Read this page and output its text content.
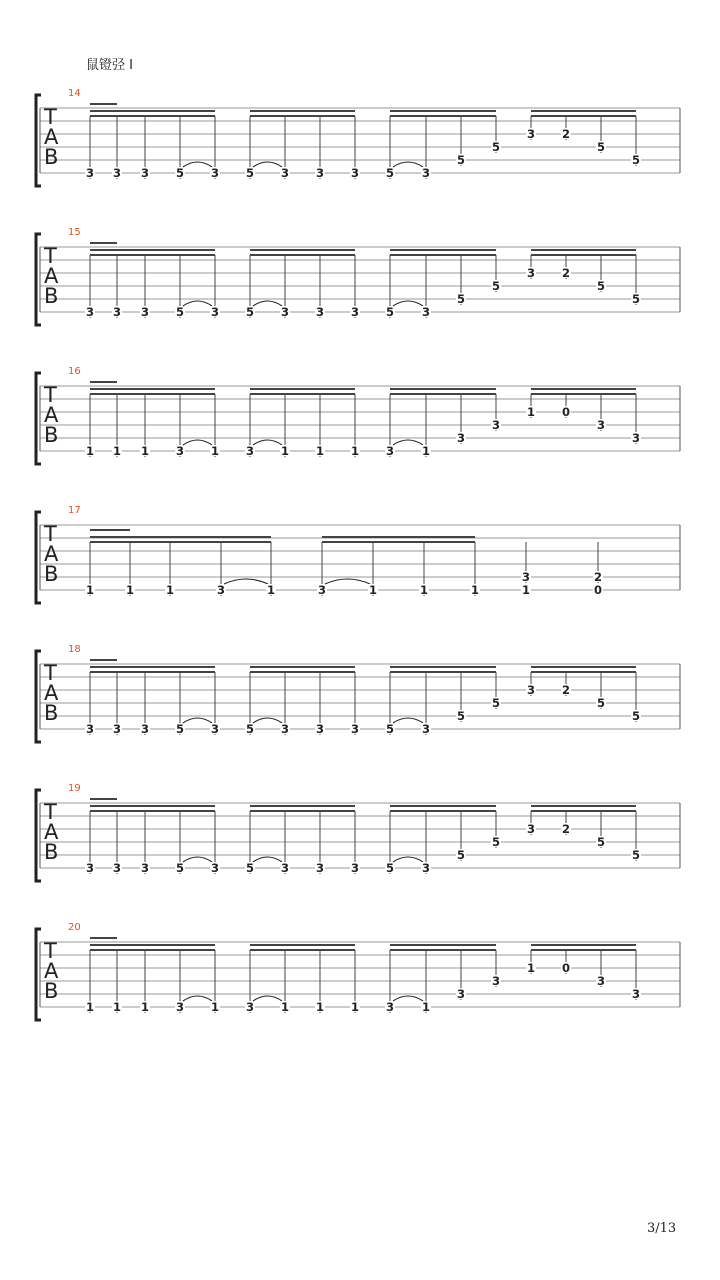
鼠镫弪 I
14
T
A
B
3 3 3 5 3 5 3 3 3 5 3
5
5
3 2
5
5
15
T
A
B
3 3 3 5 3 5 3 3 3 5 3
5
5
3 2
5
5
16
T
A
B
1 1 1 3 1 3 1 1 1 3 1
3
3
1 0
3
3
17
T
A
B
1	1	1	3	1	3	1	1	1
3
1
2
0
18
T
A
B
3 3 3 5 3 5 3 3 3 5 3
5
5
3 2
5
5
19
T
A
B
3 3 3 5 3 5 3 3 3 5 3
5
5
3 2
5
5
20
T
A
B
1 1 1 3 1 3 1 1 1 3 1
3
3
1 0
3
3
3/13
